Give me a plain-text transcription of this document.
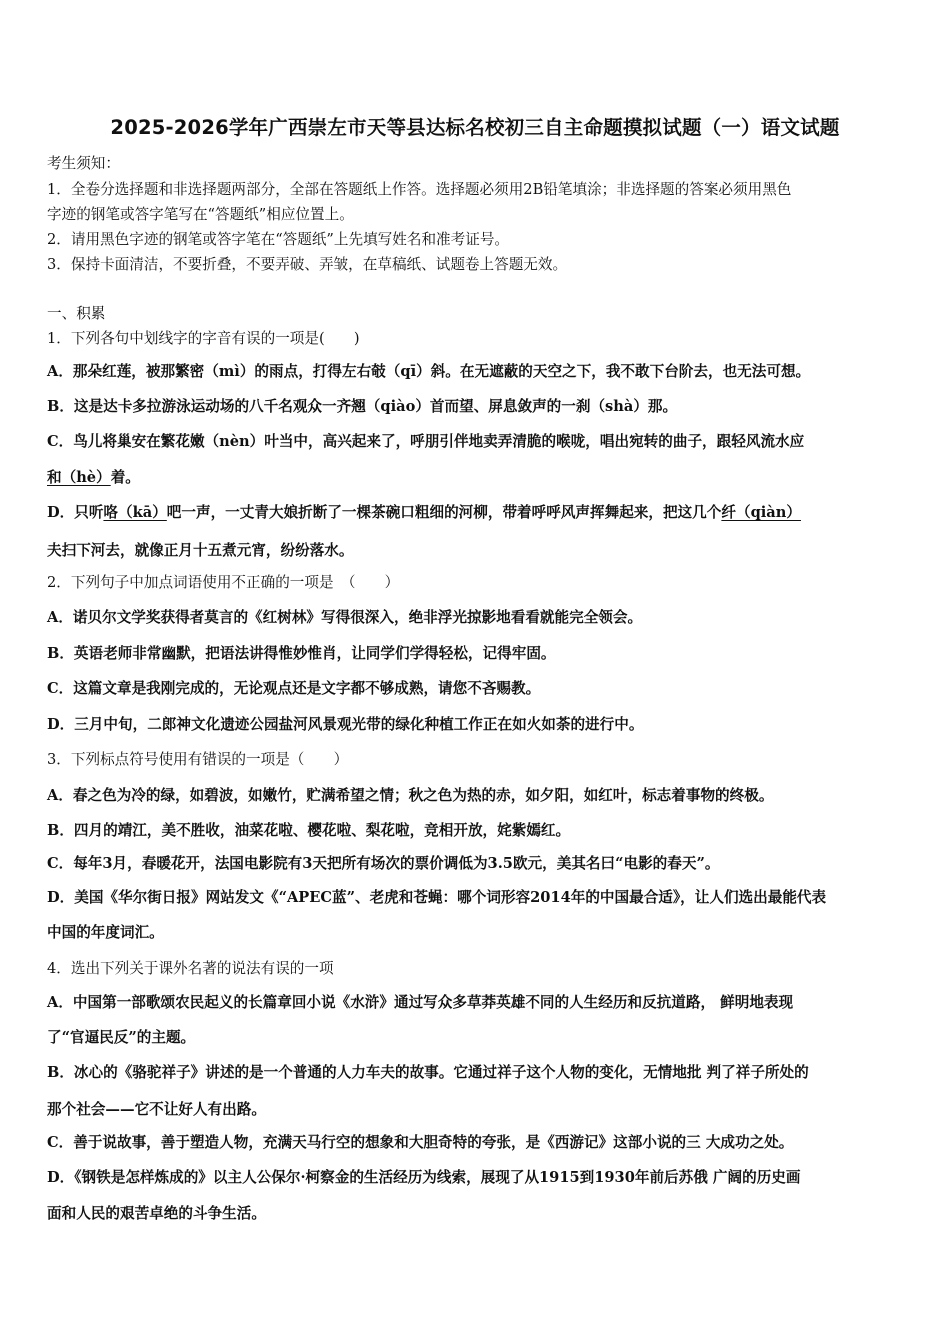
2025-2026学年广西崇左市天等县达标名校初三自主命题摸拟试题（一）语文试题
考生须知：
1．全卷分选择题和非选择题两部分，全部在答题纸上作答。选择题必须用2B铅笔填涂；非选择题的答案必须用黑色
字迹的钢笔或答字笔写在“答题纸”相应位置上。
2．请用黑色字迹的钢笔或答字笔在“答题纸”上先填写姓名和准考证号。
3．保持卡面清洁，不要折叠，不要弄破、弄皱，在草稿纸、试题卷上答题无效。
一、积累
1．下列各句中划线字的字音有误的一项是(　　)
A．那朵红莲，被那繁密（mì）的雨点，打得左右攲（qī）斜。在无遮蔽的天空之下，我不敢下台阶去，也无法可想。
B．这是达卡多拉游泳运动场的八千名观众一齐翘（qiào）首而望、屏息敛声的一刹（shà）那。
C．鸟儿将巢安在繁花嫩（nèn）叶当中，高兴起来了，呼朋引伴地卖弄清脆的喉咙，唱出宛转的曲子，跟轻风流水应
和（hè）着。
D．只听咯（kā）吧一声，一丈青大娘折断了一棵茶碗口粗细的河柳，带着呼呼风声挥舞起来，把这几个纤（qiàn）
夫扫下河去，就像正月十五煮元宵，纷纷落水。
2．下列句子中加点词语使用不正确的一项是　（　　）
A．诺贝尔文学奖获得者莫言的《红树林》写得很深入，绝非浮光掠影地看看就能完全领会。
B．英语老师非常幽默，把语法讲得惟妙惟肖，让同学们学得轻松，记得牢固。
C．这篇文章是我刚完成的，无论观点还是文字都不够成熟，请您不吝赐教。
D．三月中旬，二郎神文化遗迹公园盐河风景观光带的绿化种植工作正在如火如荼的进行中。
3．下列标点符号使用有错误的一项是（　　）
A．春之色为冷的绿，如碧波，如嫩竹，贮满希望之情；秋之色为热的赤，如夕阳，如红叶，标志着事物的终极。
B．四月的靖江，美不胜收，油菜花啦、樱花啦、梨花啦，竞相开放，姹紫嫣红。
C．每年3月，春暖花开，法国电影院有3天把所有场次的票价调低为3.5欧元，美其名曰“电影的春天”。
D．美国《华尔街日报》网站发文《“APEC蓝”、老虎和苍蝇：哪个词形容2014年的中国最合适》，让人们选出最能代表
中国的年度词汇。
4．选出下列关于课外名著的说法有误的一项
A．中国第一部歌颂农民起义的长篇章回小说《水浒》通过写众多草莽英雄不同的人生经历和反抗道路， 鲜明地表现
了“官逼民反”的主题。
B．冰心的《骆驼祥子》讲述的是一个普通的人力车夫的故事。它通过祥子这个人物的变化，无情地批 判了祥子所处的
那个社会——它不让好人有出路。
C．善于说故事，善于塑造人物，充满天马行空的想象和大胆奇特的夸张，是《西游记》这部小说的三 大成功之处。
D．《钢铁是怎样炼成的》以主人公保尔·柯察金的生活经历为线索，展现了从1915到1930年前后苏俄 广阔的历史画
面和人民的艰苦卓绝的斗争生活。
